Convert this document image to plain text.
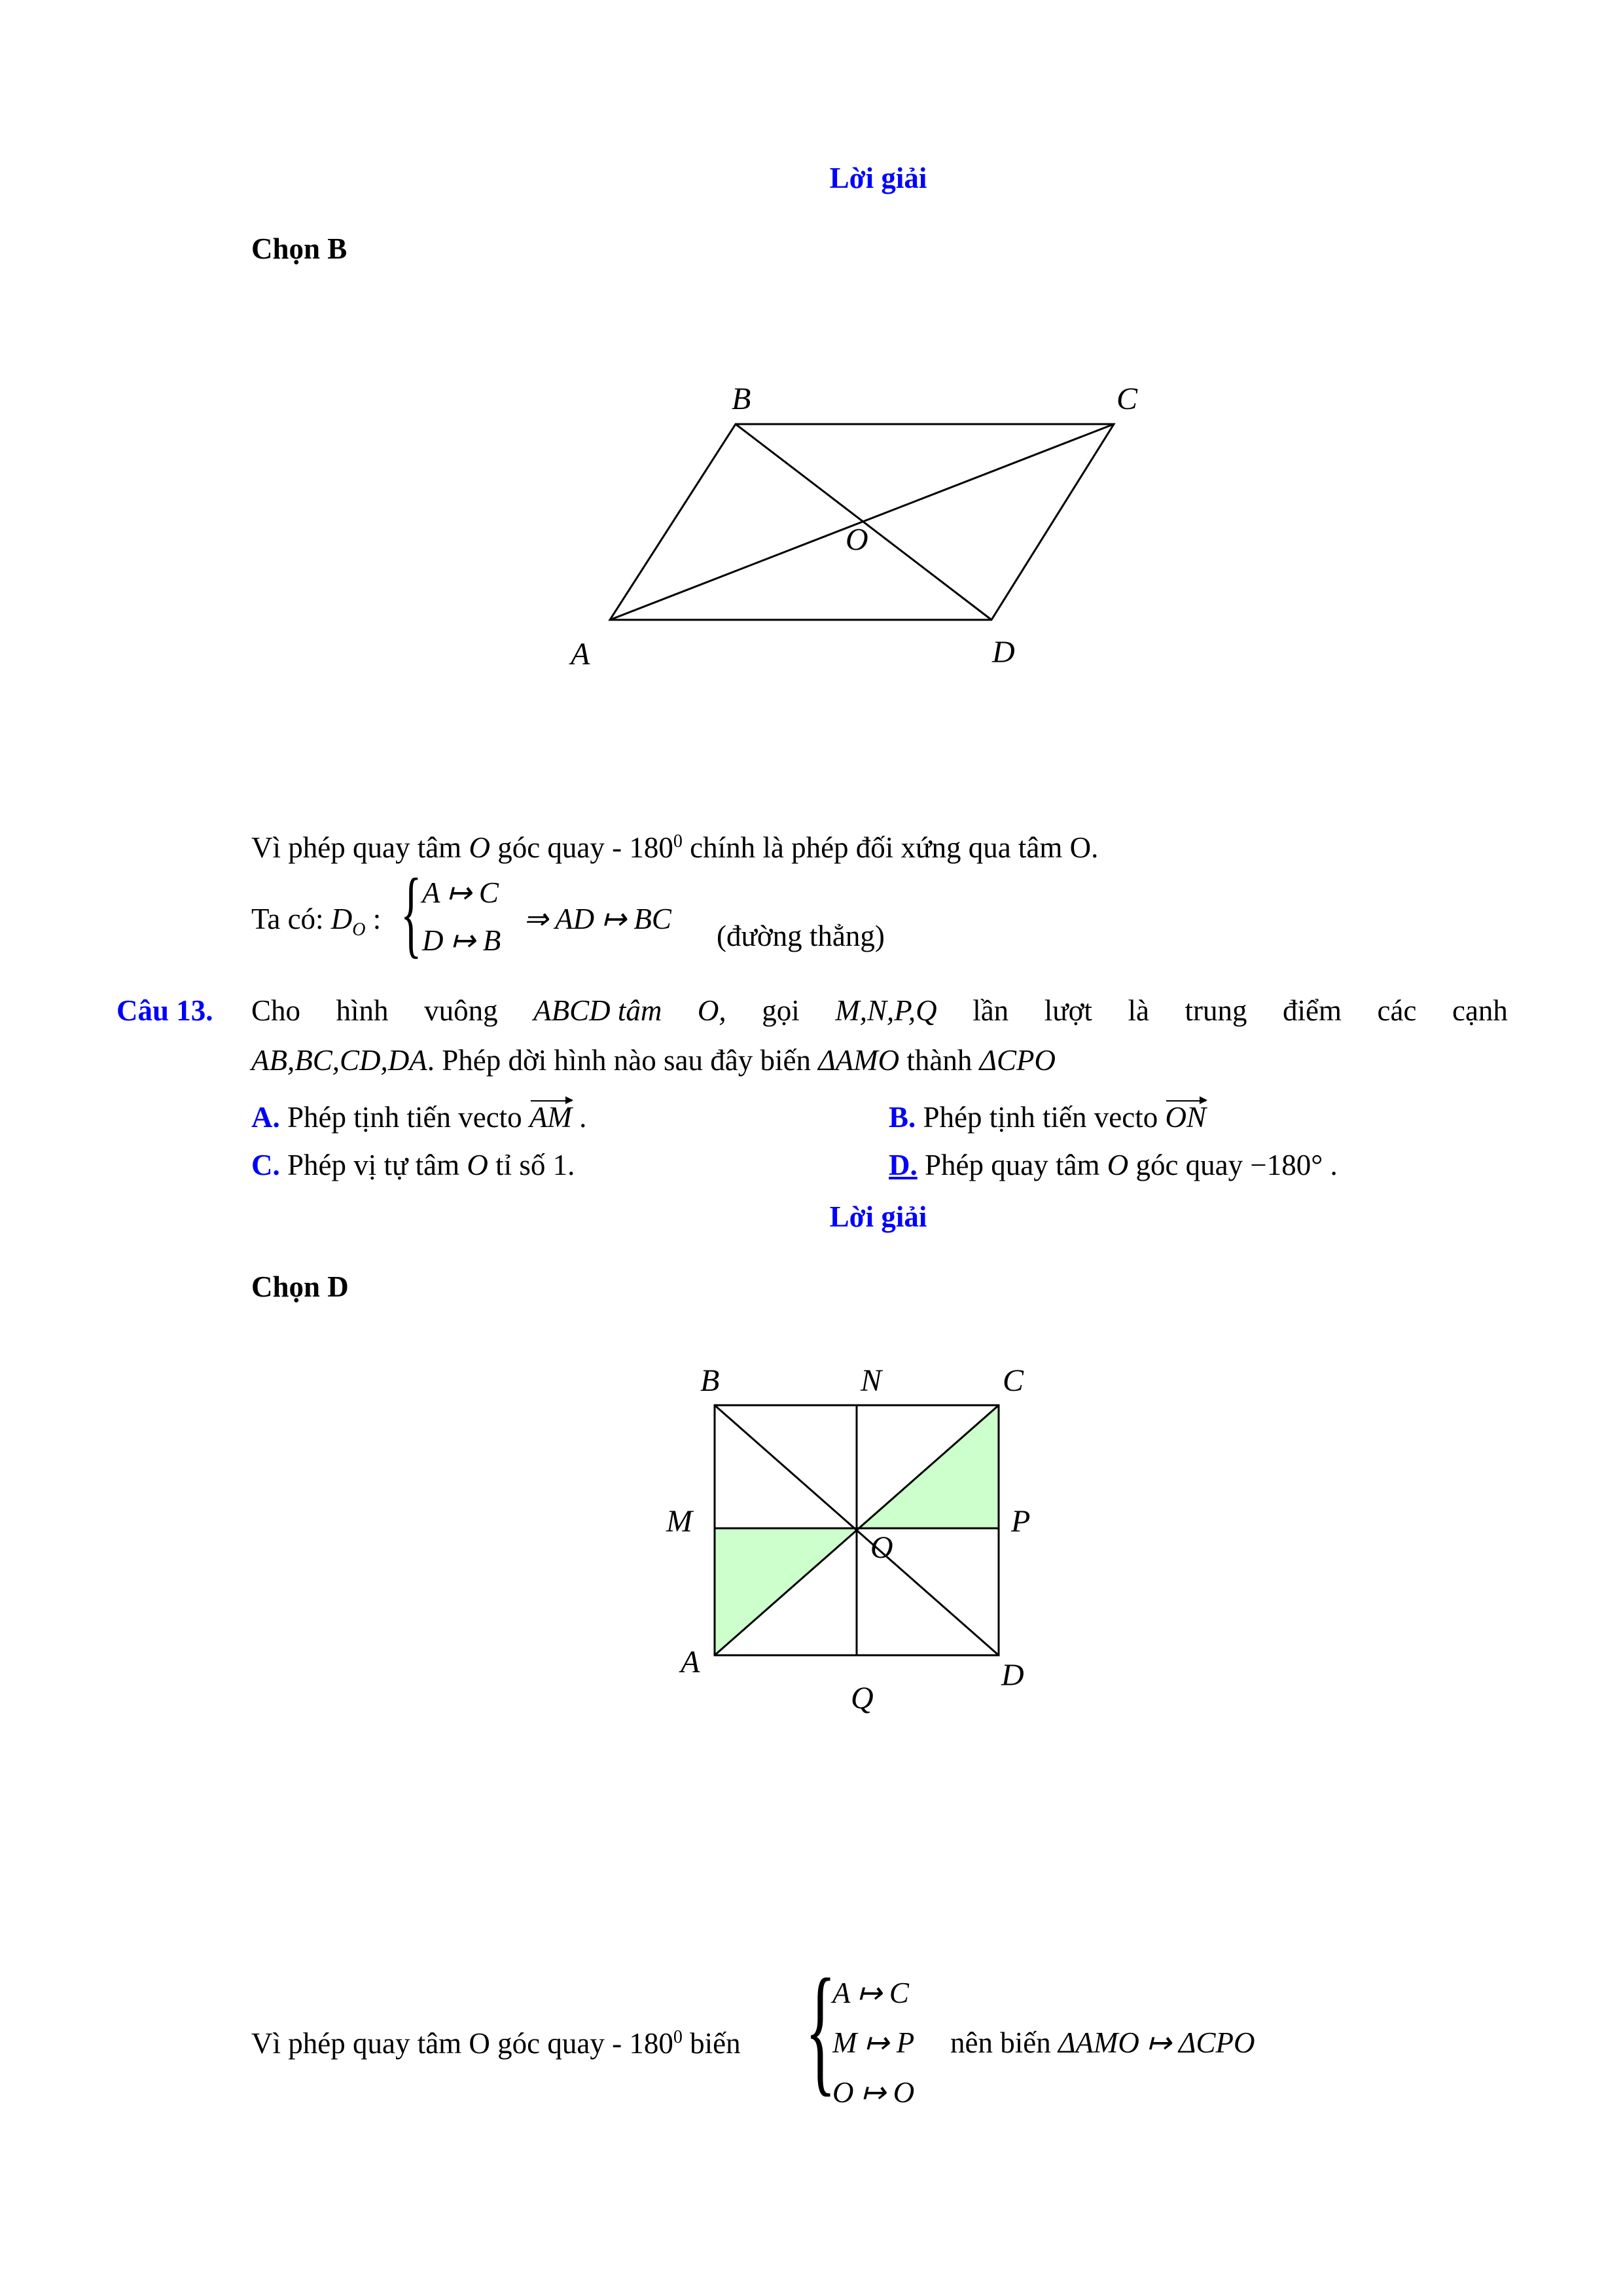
Lời giải
Chọn B
B	C
A	D
O
B	N	C
M	P
O
A	D
Q
Vì phép quay tâm O góc quay - $180^0$ chính là phép đối xứng qua tâm O.
Ta có: $D_O$ : { A ↦ C
D ↦ B
⇒ AD ↦ BC
(đường thẳng)
Câu 13. Cho hình vuông ABCD tâm O, gọi M,N,P,Q lần lượt là trung điểm các cạnh
AB,BC,CD,DA. Phép dời hình nào sau đây biến ΔAMO thành ΔCPO
A. Phép tịnh tiến vecto AM .	B. Phép tịnh tiến vecto ON
C. Phép vị tự tâm O tỉ số 1.	D. Phép quay tâm O góc quay −180° .
Lời giải
Chọn D
Vì phép quay tâm O góc quay - $180^0$ biến {
A ↦ C
M ↦ P
O ↦ O
nên biến ΔAMO ↦ ΔCPO
